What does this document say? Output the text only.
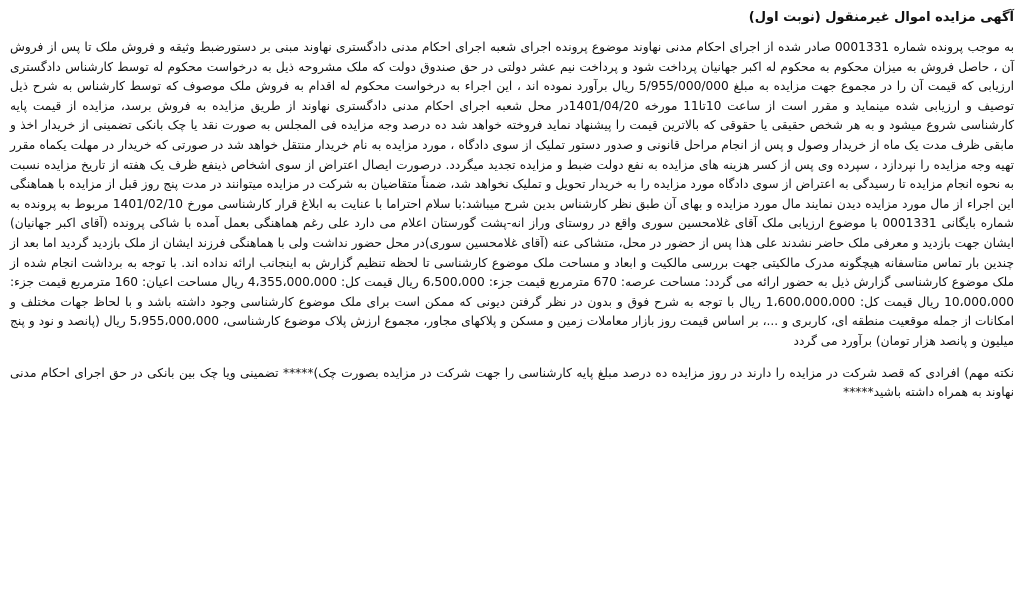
آگهی مزایده اموال غیرمنقول (نوبت اول)

به موجب پرونده شماره 0001331 صادر شده از اجرای احکام مدنی نهاوند موضوع پرونده اجرای شعبه اجرای احکام مدنی دادگستری نهاوند مبنی بر دستورضبط وثیقه و فروش ملک تا پس از فروش آن ، حاصل فروش به میزان محکوم به محکوم له اکبر جهانیان پرداخت شود و پرداخت نیم عشر دولتی در حق صندوق دولت که ملک مشروحه ذیل به درخواست محکوم له توسط کارشناس دادگستری ارزیابی که قیمت آن را در مجموع جهت مزایده به مبلغ 5/955/000/000 ریال برآورد نموده اند ، این اجراء به درخواست محکوم له اقدام به فروش ملک موصوف که توسط کارشناس به شرح ذیل توصیف و ارزیابی شده مینماید و مقرر است از ساعت 10تا11 مورخه 1401/04/20در محل شعبه اجرای احکام مدنی دادگستری نهاوند از طریق مزایده به فروش برسد، مزایده از قیمت پایه کارشناسی شروع میشود و به هر شخص حقیقی یا حقوقی که بالاترین قیمت را پیشنهاد نماید فروخته خواهد شد ده درصد وجه مزایده فی المجلس به صورت نقد یا چک بانکی تضمینی از خریدار اخذ و مابقی ظرف مدت یک ماه از خریدار وصول و پس از انجام مراحل قانونی و صدور دستور تملیک از سوی دادگاه ، مورد مزایده به نام خریدار منتقل خواهد شد در صورتی که خریدار در مهلت یکماه مقرر تهیه وجه مزایده را نپردازد ، سپرده وی پس از کسر هزینه های مزایده به نفع دولت ضبط و مزایده تجدید میگردد. درصورت ایصال اعتراض از سوی اشخاص ذینفع ظرف یک هفته از تاریخ مزایده نسبت به نحوه انجام مزایده تا رسیدگی به اعتراض از سوی دادگاه مورد مزایده را به خریدار تحویل و تملیک نخواهد شد، ضمناً متقاضیان به شرکت در مزایده میتوانند در مدت پنج روز قبل از مزایده با هماهنگی این اجراء از مال مورد مزایده دیدن نمایند مال مورد مزایده و بهای آن طبق نظر کارشناس بدین شرح میباشد:با سلام احتراما با عنایت به ابلاغ قرار کارشناسی مورخ 1401/02/10 مربوط به پرونده به شماره بایگانی 0001331 با موضوع ارزیابی ملک آقای غلامحسین سوری واقع در روستای وراز انه-پشت گورستان اعلام می دارد علی رغم هماهنگی بعمل آمده با شاکی پرونده (آقای اکبر جهانیان) ایشان جهت بازدید و معرفی ملک حاضر نشدند علی هذا پس از حضور در محل، متشاکی عنه (آقای غلامحسین سوری)در محل حضور نداشت ولی با هماهنگی فرزند ایشان از ملک بازدید گردید اما بعد از چندین بار تماس متاسفانه هیچگونه مدرک مالکیتی جهت بررسی مالکیت و ابعاد و مساحت ملک موضوع کارشناسی تا لحظه تنظیم گزارش به اینجانب ارائه نداده اند. با توجه به برداشت انجام شده از ملک موضوع کارشناسی گزارش ذیل به حضور ارائه می گردد: مساحت عرصه: 670 مترمربع قیمت جزء: 6،500،000 ریال قیمت کل: 4،355،000،000 ریال مساحت اعیان: 160 مترمربع قیمت جزء: 10،000،000 ریال قیمت کل: 1،600،000،000 ریال با توجه به شرح فوق و بدون در نظر گرفتن دیونی که ممکن است برای ملک موضوع کارشناسی وجود داشته باشد و با لحاظ جهات مختلف و امکانات از جمله موقعیت منطقه ای، کاربری و ...، بر اساس قیمت روز بازار معاملات زمین و مسکن و پلاکهای مجاور، مجموع ارزش پلاک موضوع کارشناسی، 5،955،000،000 ریال (پانصد و نود و پنج میلیون و پانصد هزار تومان) برآورد می گردد

نکته مهم) افرادی که قصد شرکت در مزایده را دارند در روز مزایده ده درصد مبلغ پایه کارشناسی را جهت شرکت در مزایده بصورت چک)***** تضمینی ویا چک بین بانکی در حق اجرای احکام مدنی نهاوند به همراه داشته باشید*****
